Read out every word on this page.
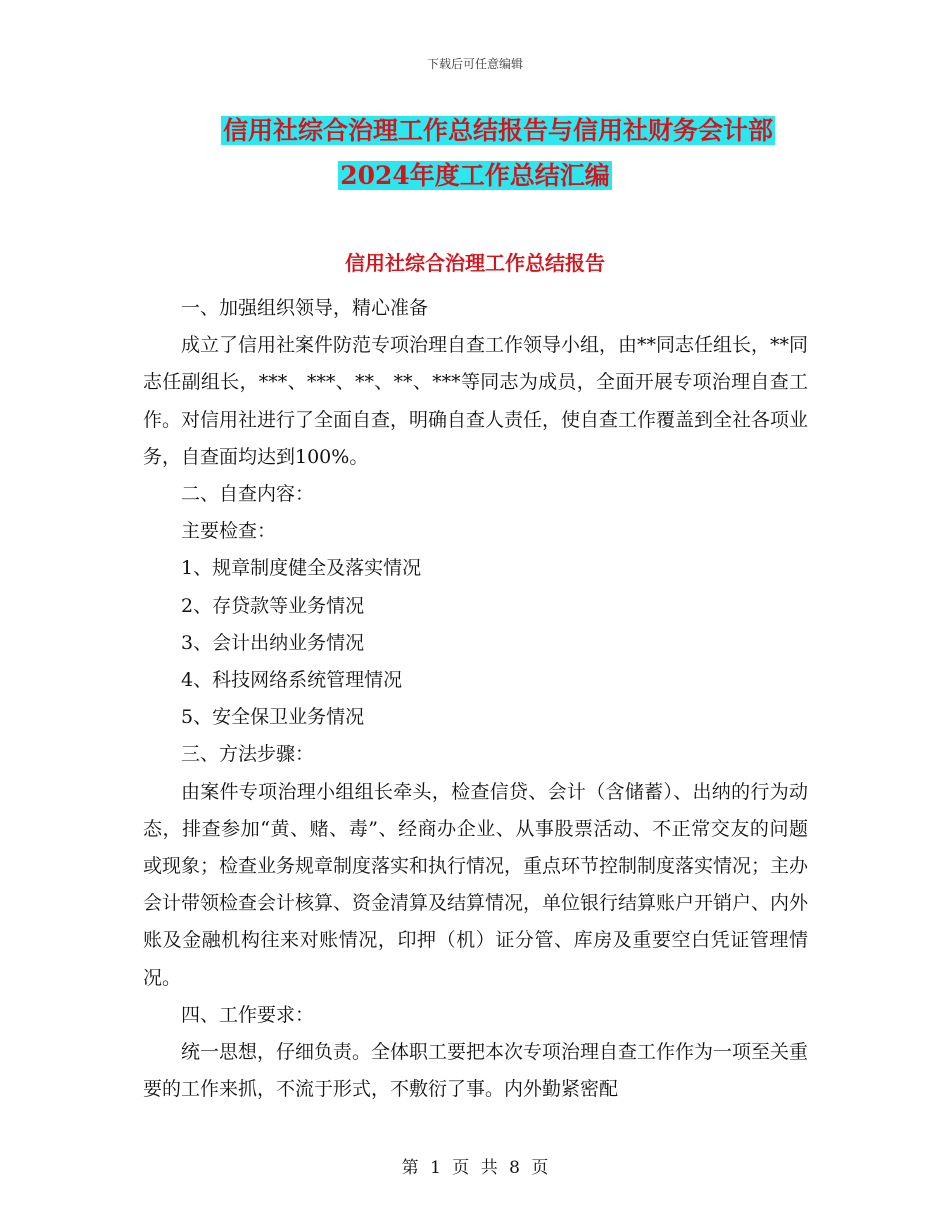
下载后可任意编辑
信用社综合治理工作总结报告与信用社财务会计部
2024年度工作总结汇编
信用社综合治理工作总结报告

一、加强组织领导，精心准备

成立了信用社案件防范专项治理自查工作领导小组，由**同志任组长，**同志任副组长，***、***、**、**、***等同志为成员，全面开展专项治理自查工作。对信用社进行了全面自查，明确自查人责任，使自查工作覆盖到全社各项业务，自查面均达到100%。

二、自查内容：

主要检查：

1、规章制度健全及落实情况

2、存贷款等业务情况

3、会计出纳业务情况

4、科技网络系统管理情况

5、安全保卫业务情况

三、方法步骤：

由案件专项治理小组组长牵头，检查信贷、会计（含储蓄）、出纳的行为动态，排查参加“黄、赌、毒”、经商办企业、从事股票活动、不正常交友的问题或现象；检查业务规章制度落实和执行情况，重点环节控制制度落实情况；主办会计带领检查会计核算、资金清算及结算情况，单位银行结算账户开销户、内外账及金融机构往来对账情况，印押（机）证分管、库房及重要空白凭证管理情况。

四、工作要求：

统一思想，仔细负责。全体职工要把本次专项治理自查工作作为一项至关重要的工作来抓，不流于形式，不敷衍了事。内外勤紧密配

第 1 页 共 8 页
